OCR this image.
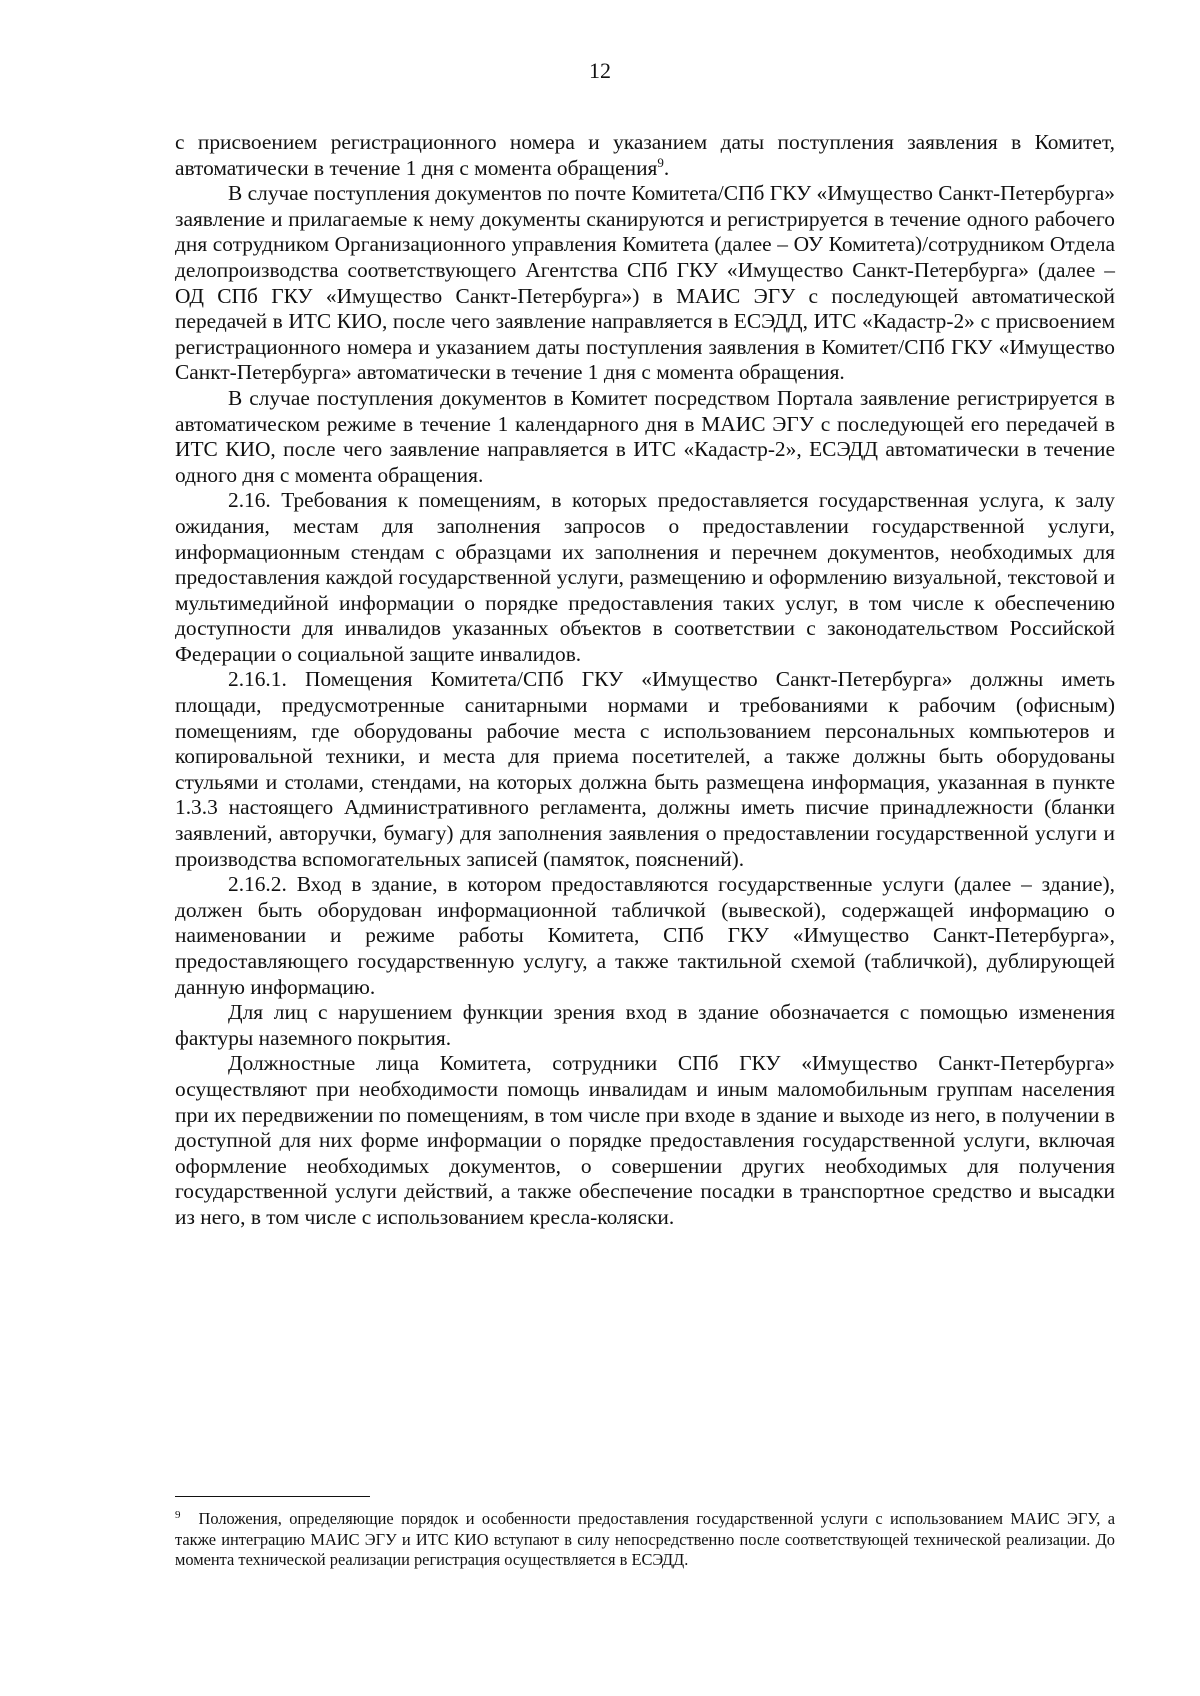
12

с присвоением регистрационного номера и указанием даты поступления заявления в Комитет, автоматически в течение 1 дня с момента обращения$^9$.

В случае поступления документов по почте Комитета/СПб ГКУ «Имущество Санкт-Петербурга» заявление и прилагаемые к нему документы сканируются и регистрируется в течение одного рабочего дня сотрудником Организационного управления Комитета (далее – ОУ Комитета)/сотрудником Отдела делопроизводства соответствующего Агентства СПб ГКУ «Имущество Санкт-Петербурга» (далее – ОД СПб ГКУ «Имущество Санкт-Петербурга») в МАИС ЭГУ с последующей автоматической передачей в ИТС КИО, после чего заявление направляется в ЕСЭДД, ИТС «Кадастр-2» с присвоением регистрационного номера и указанием даты поступления заявления в Комитет/СПб ГКУ «Имущество Санкт-Петербурга» автоматически в течение 1 дня с момента обращения.

В случае поступления документов в Комитет посредством Портала заявление регистрируется в автоматическом режиме в течение 1 календарного дня в МАИС ЭГУ с последующей его передачей в ИТС КИО, после чего заявление направляется в ИТС «Кадастр-2», ЕСЭДД автоматически в течение одного дня с момента обращения.

2.16. Требования к помещениям, в которых предоставляется государственная услуга, к залу ожидания, местам для заполнения запросов о предоставлении государственной услуги, информационным стендам с образцами их заполнения и перечнем документов, необходимых для предоставления каждой государственной услуги, размещению и оформлению визуальной, текстовой и мультимедийной информации о порядке предоставления таких услуг, в том числе к обеспечению доступности для инвалидов указанных объектов в соответствии с законодательством Российской Федерации о социальной защите инвалидов.

2.16.1. Помещения Комитета/СПб ГКУ «Имущество Санкт-Петербурга» должны иметь площади, предусмотренные санитарными нормами и требованиями к рабочим (офисным) помещениям, где оборудованы рабочие места с использованием персональных компьютеров и копировальной техники, и места для приема посетителей, а также должны быть оборудованы стульями и столами, стендами, на которых должна быть размещена информация, указанная в пункте 1.3.3 настоящего Административного регламента, должны иметь писчие принадлежности (бланки заявлений, авторучки, бумагу) для заполнения заявления о предоставлении государственной услуги и производства вспомогательных записей (памяток, пояснений).

2.16.2. Вход в здание, в котором предоставляются государственные услуги (далее – здание), должен быть оборудован информационной табличкой (вывеской), содержащей информацию о наименовании и режиме работы Комитета, СПб ГКУ «Имущество Санкт-Петербурга», предоставляющего государственную услугу, а также тактильной схемой (табличкой), дублирующей данную информацию.

Для лиц с нарушением функции зрения вход в здание обозначается с помощью изменения фактуры наземного покрытия.

Должностные лица Комитета, сотрудники СПб ГКУ «Имущество Санкт-Петербурга» осуществляют при необходимости помощь инвалидам и иным маломобильным группам населения при их передвижении по помещениям, в том числе при входе в здание и выходе из него, в получении в доступной для них форме информации о порядке предоставления государственной услуги, включая оформление необходимых документов, о совершении других необходимых для получения государственной услуги действий, а также обеспечение посадки в транспортное средство и высадки из него, в том числе с использованием кресла-коляски.

$^9$ Положения, определяющие порядок и особенности предоставления государственной услуги с использованием МАИС ЭГУ, а также интеграцию МАИС ЭГУ и ИТС КИО вступают в силу непосредственно после соответствующей технической реализации. До момента технической реализации регистрация осуществляется в ЕСЭДД.
